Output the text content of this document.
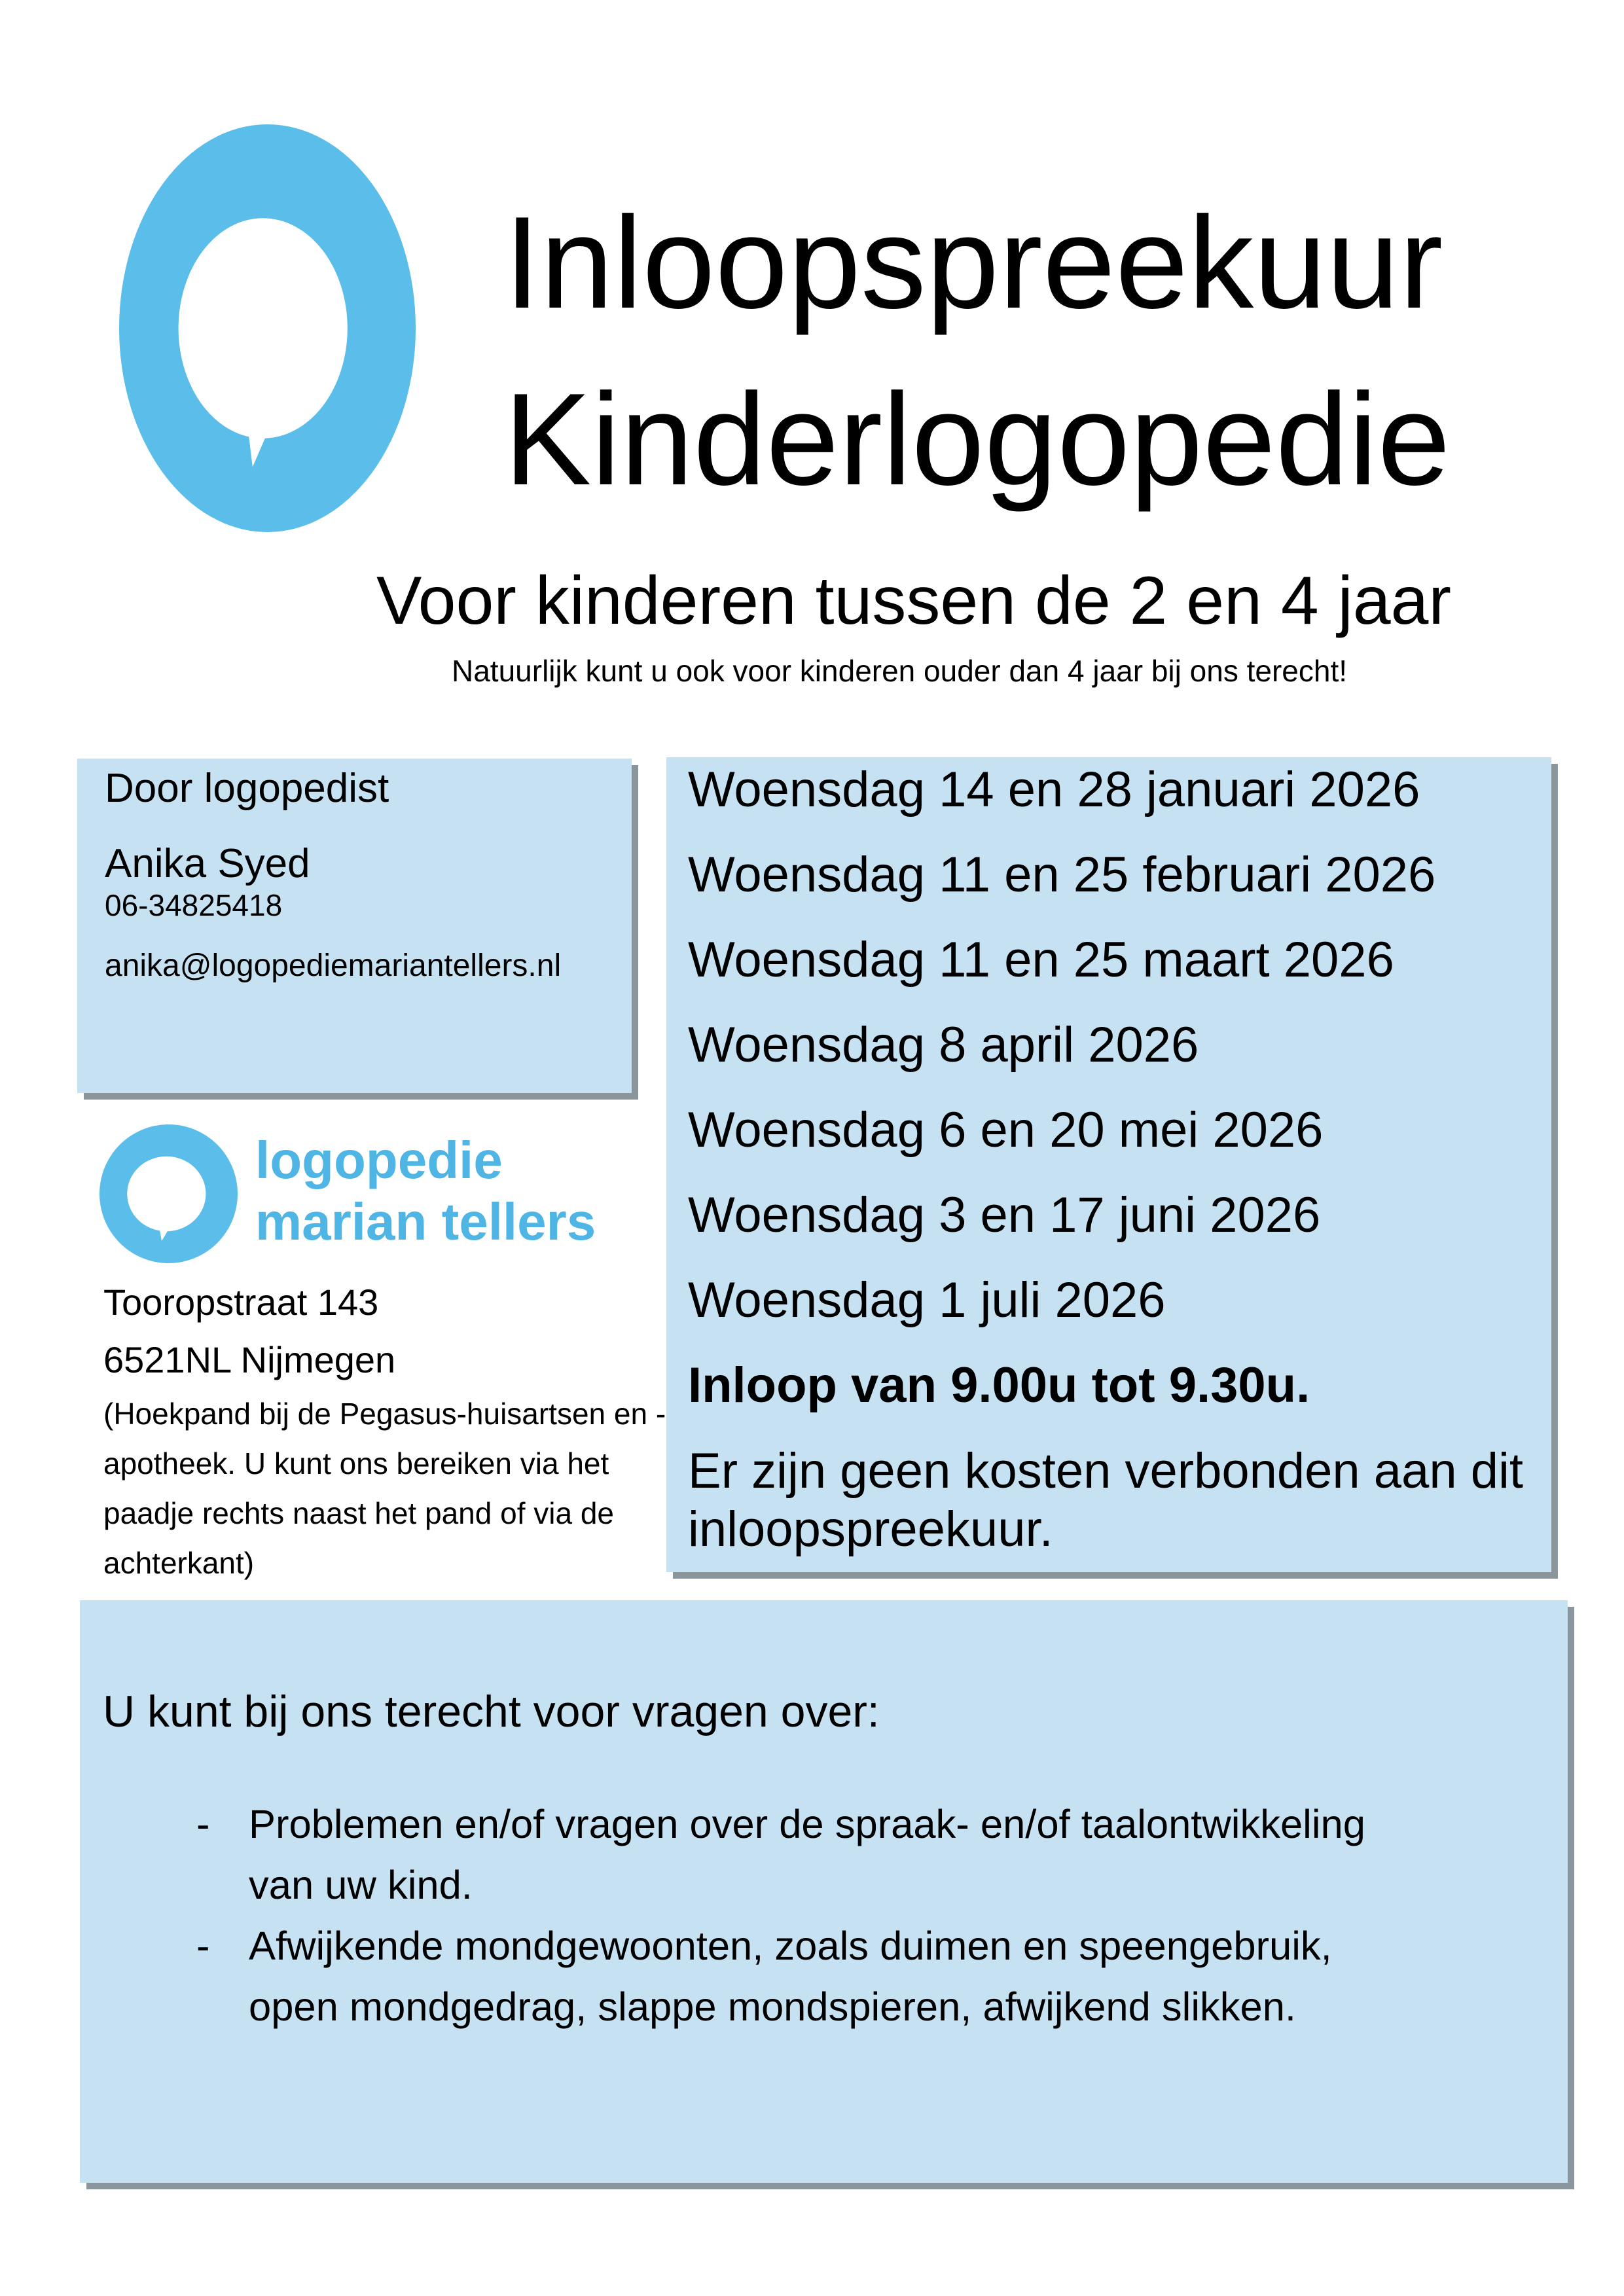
Inloopspreekuur
Kinderlogopedie
Voor kinderen tussen de 2 en 4 jaar
Natuurlijk kunt u ook voor kinderen ouder dan 4 jaar bij ons terecht!
Door logopedist
Anika Syed
06-34825418
anika@logopediemariantellers.nl
logopedie
marian tellers
Tooropstraat 143
6521NL Nijmegen
(Hoekpand bij de Pegasus-huisartsen en -
apotheek. U kunt ons bereiken via het
paadje rechts naast het pand of via de
achterkant)

Woensdag 14 en 28 januari 2026

Woensdag 11 en 25 februari 2026

Woensdag 11 en 25 maart 2026

Woensdag 8 april 2026

Woensdag 6 en 20 mei 2026

Woensdag 3 en 17 juni 2026

Woensdag 1 juli 2026

Inloop van 9.00u tot 9.30u.

Er zijn geen kosten verbonden aan dit inloopspreekuur.

U kunt bij ons terecht voor vragen over:
- Problemen en/of vragen over de spraak- en/of taalontwikkeling van uw kind.
- Afwijkende mondgewoonten, zoals duimen en speengebruik, open mondgedrag, slappe mondspieren, afwijkend slikken.
